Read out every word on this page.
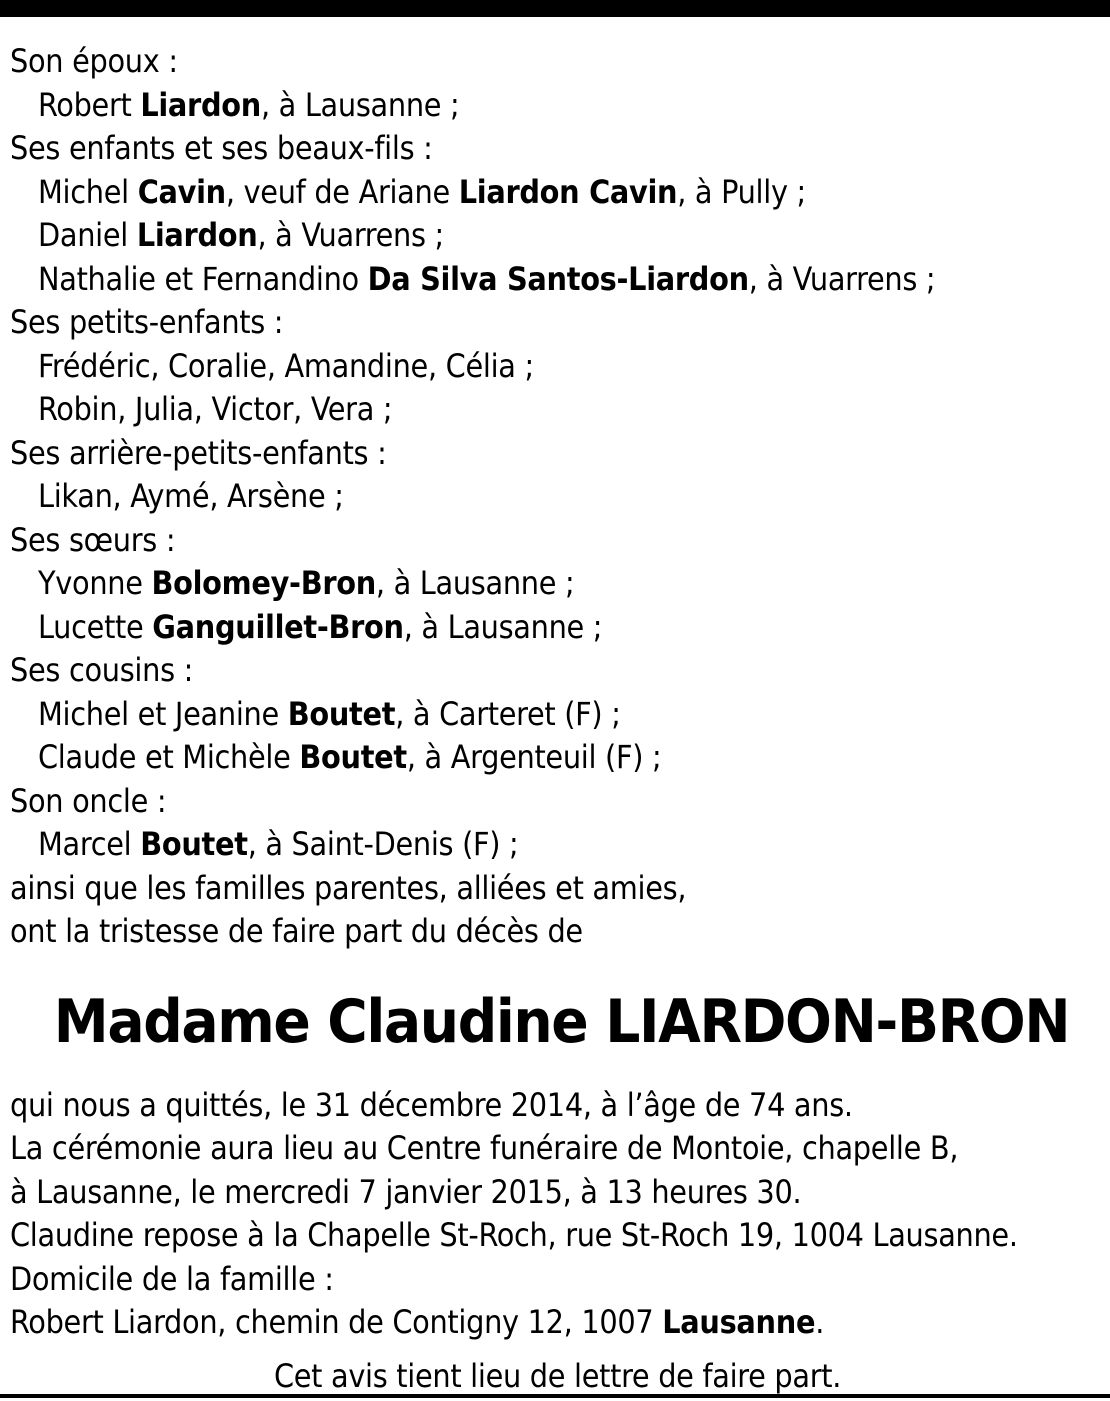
Son époux :
Robert Liardon, à Lausanne ;
Ses enfants et ses beaux-fils :
Michel Cavin, veuf de Ariane Liardon Cavin, à Pully ;
Daniel Liardon, à Vuarrens ;
Nathalie et Fernandino Da Silva Santos-Liardon, à Vuarrens ;
Ses petits-enfants :
Frédéric, Coralie, Amandine, Célia ;
Robin, Julia, Victor, Vera ;
Ses arrière-petits-enfants :
Likan, Aymé, Arsène ;
Ses sœurs :
Yvonne Bolomey-Bron, à Lausanne ;
Lucette Ganguillet-Bron, à Lausanne ;
Ses cousins :
Michel et Jeanine Boutet, à Carteret (F) ;
Claude et Michèle Boutet, à Argenteuil (F) ;
Son oncle :
Marcel Boutet, à Saint-Denis (F) ;
ainsi que les familles parentes, alliées et amies,
ont la tristesse de faire part du décès de
Madame Claudine LIARDON-BRON
qui nous a quittés, le 31 décembre 2014, à l’âge de 74 ans.
La cérémonie aura lieu au Centre funéraire de Montoie, chapelle B,
à Lausanne, le mercredi 7 janvier 2015, à 13 heures 30.
Claudine repose à la Chapelle St-Roch, rue St-Roch 19, 1004 Lausanne.
Domicile de la famille :
Robert Liardon, chemin de Contigny 12, 1007 Lausanne.
Cet avis tient lieu de lettre de faire part.
